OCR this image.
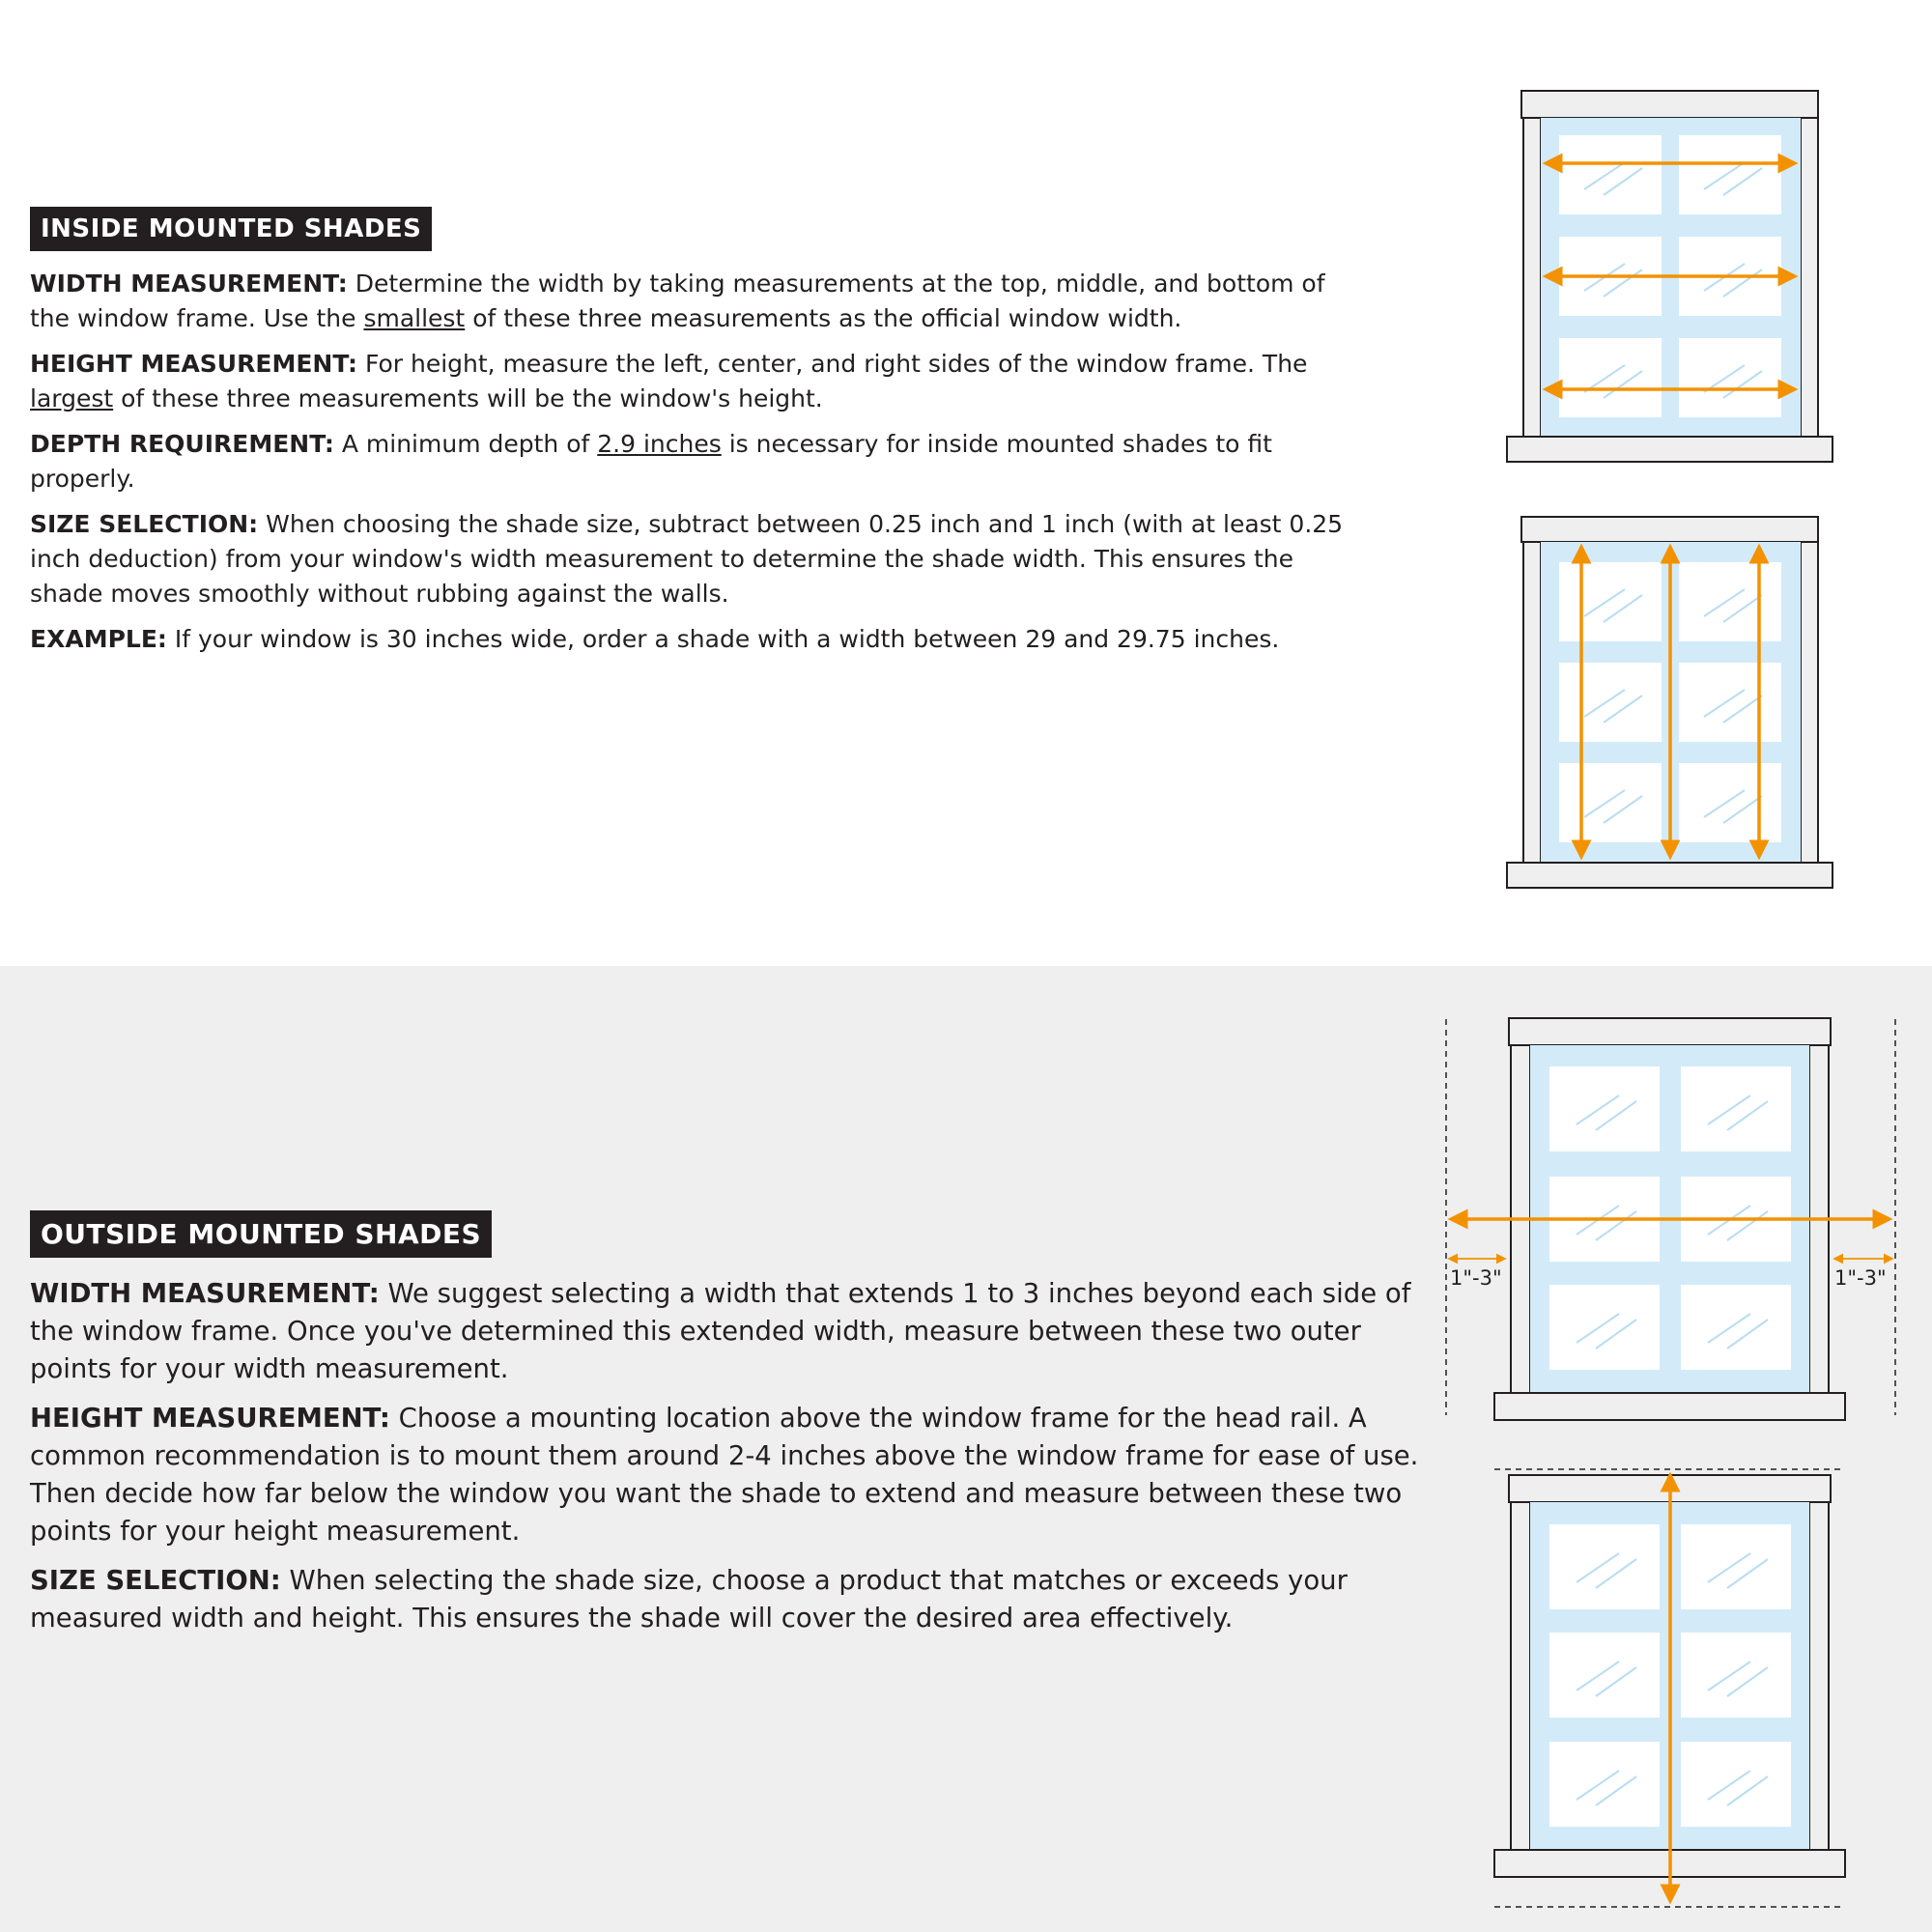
INSIDE MOUNTED SHADES

WIDTH MEASUREMENT: Determine the width by taking measurements at the top, middle, and bottom of the window frame. Use the smallest of these three measurements as the official window width.

HEIGHT MEASUREMENT: For height, measure the left, center, and right sides of the window frame. The largest of these three measurements will be the window's height.

DEPTH REQUIREMENT: A minimum depth of 2.9 inches is necessary for inside mounted shades to fit properly.

SIZE SELECTION: When choosing the shade size, subtract between 0.25 inch and 1 inch (with at least 0.25 inch deduction) from your window's width measurement to determine the shade width. This ensures the shade moves smoothly without rubbing against the walls.

EXAMPLE: If your window is 30 inches wide, order a shade with a width between 29 and 29.75 inches.

OUTSIDE MOUNTED SHADES

WIDTH MEASUREMENT: We suggest selecting a width that extends 1 to 3 inches beyond each side of the window frame. Once you've determined this extended width, measure between these two outer points for your width measurement.

HEIGHT MEASUREMENT: Choose a mounting location above the window frame for the head rail. A common recommendation is to mount them around 2-4 inches above the window frame for ease of use. Then decide how far below the window you want the shade to extend and measure between these two points for your height measurement.

SIZE SELECTION: When selecting the shade size, choose a product that matches or exceeds your measured width and height. This ensures the shade will cover the desired area effectively.

1"-3"	1"-3"
